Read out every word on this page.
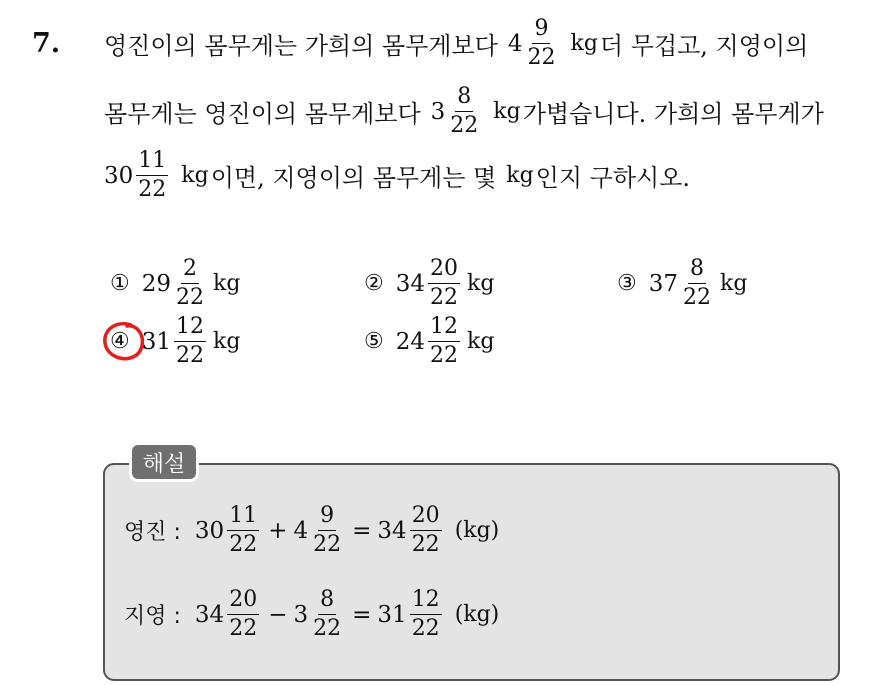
7. 영진이의 몸무게는 가희의 몸무게보다 $4 \frac{9}{22}$ kg 더 무겁고, 지영이의
몸무게는 영진이의 몸무게보다 $3 \frac{8}{22}$ kg 가볍습니다. 가희의 몸무게가
$30 \frac{11}{22}$ kg 이면, 지영이의 몸무게는 몇 kg 인지 구하시오.
① $29 \frac{2}{22}$ kg	② $34 \frac{20}{22}$ kg	③ $37 \frac{8}{22}$ kg
④ $31 \frac{12}{22}$ kg	⑤ $24 \frac{12}{22}$ kg
해설
영진 : $30 \frac{11}{22} + 4 \frac{9}{22} = 34 \frac{20}{22} (kg)$
지영 : $34 \frac{20}{22} - 3 \frac{8}{22} = 31 \frac{12}{22} (kg)$
